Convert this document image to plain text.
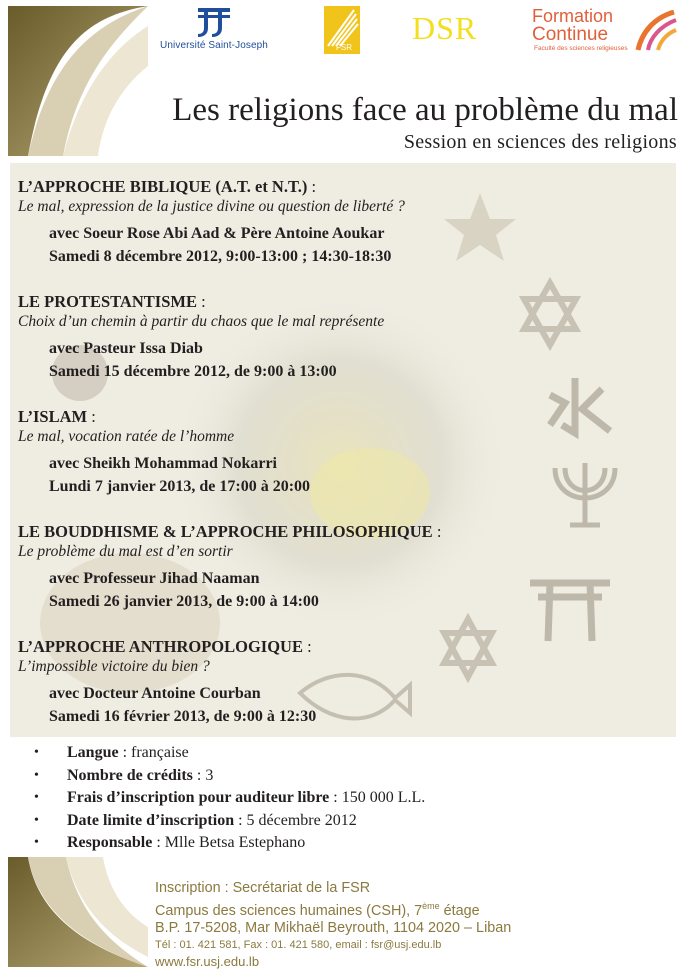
Université Saint-Joseph	FSR
DSR	Formation
Continue
Faculté des sciences religieuses
Les religions face au problème du mal
Session en sciences des religions
L’APPROCHE BIBLIQUE (A.T. et N.T.) :
Le mal, expression de la justice divine ou question de liberté ?
avec Soeur Rose Abi Aad & Père Antoine Aoukar
Samedi 8 décembre 2012, 9:00-13:00 ; 14:30-18:30
LE PROTESTANTISME :
Choix d’un chemin à partir du chaos que le mal représente
avec Pasteur Issa Diab
Samedi 15 décembre 2012, de 9:00 à 13:00
L’ISLAM :
Le mal, vocation ratée de l’homme
avec Sheikh Mohammad Nokarri
Lundi 7 janvier 2013, de 17:00 à 20:00
LE BOUDDHISME & L’APPROCHE PHILOSOPHIQUE :
Le problème du mal est d’en sortir
avec Professeur Jihad Naaman
Samedi 26 janvier 2013, de 9:00 à 14:00
L’APPROCHE ANTHROPOLOGIQUE :
L’impossible victoire du bien ?
avec Docteur Antoine Courban
Samedi 16 février 2013, de 9:00 à 12:30
• Langue : française
• Nombre de crédits : 3
• Frais d’inscription pour auditeur libre : 150 000 L.L.
• Date limite d’inscription : 5 décembre 2012
• Responsable : Mlle Betsa Estephano
Inscription : Secrétariat de la FSR
Campus des sciences humaines (CSH), 7ème étage
B.P. 17-5208, Mar Mikhaël Beyrouth, 1104 2020 – Liban
Tél : 01. 421 581, Fax : 01. 421 580, email : fsr@usj.edu.lb
www.fsr.usj.edu.lb
